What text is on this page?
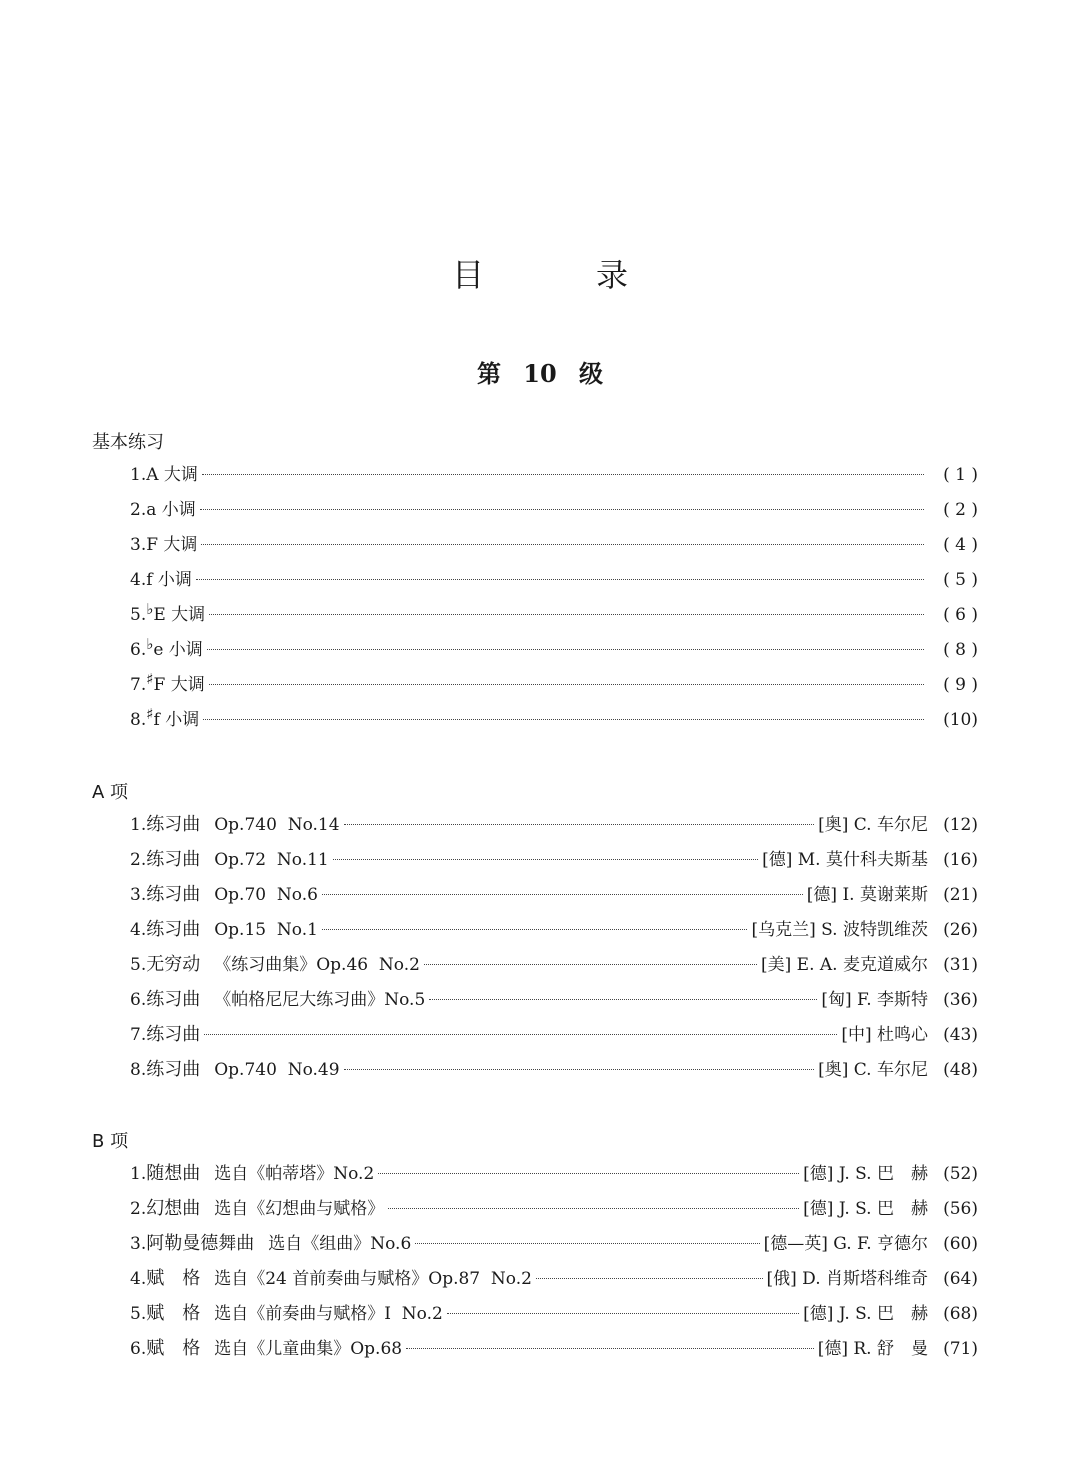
目	录
第 10 级
基本练习
1. A 大调	( 1 )
2. a 小调	( 2 )
3. F 大调	( 4 )
4. f 小调	( 5 )
5. ♭ E 大调	( 6 )
6. ♭ e 小调	( 8 )
7. ♯ F 大调	( 9 )
8. ♯ f 小调	(10)
A 项
1. 练习曲 Op.740  No.14	[奥] C. 车尔尼 (12)
2. 练习曲 Op.72  No.11	[德] M. 莫什科夫斯基 (16)
3. 练习曲 Op.70  No.6	[德] I. 莫谢莱斯 (21)
4. 练习曲 Op.15  No.1	[乌克兰] S. 波特凯维茨 (26)
5. 无穷动 《练习曲集》Op.46  No.2	[美] E. A. 麦克道威尔 (31)
6. 练习曲 《帕格尼尼大练习曲》No.5	[匈] F. 李斯特 (36)
7. 练习曲	[中] 杜鸣心 (43)
8. 练习曲 Op.740  No.49	[奥] C. 车尔尼 (48)
B 项
1. 随想曲 选自《帕蒂塔》No.2	[德] J. S. 巴　赫 (52)
2. 幻想曲 选自《幻想曲与赋格》	[德] J. S. 巴　赫 (56)
3. 阿勒曼德舞曲 选自《组曲》No.6	[德—英] G. F. 亨德尔 (60)
4. 赋　格 选自《24 首前奏曲与赋格》Op.87  No.2	[俄] D. 肖斯塔科维奇 (64)
5. 赋　格 选自《前奏曲与赋格》I  No.2	[德] J. S. 巴　赫 (68)
6. 赋　格 选自《儿童曲集》Op.68	[德] R. 舒　曼 (71)
